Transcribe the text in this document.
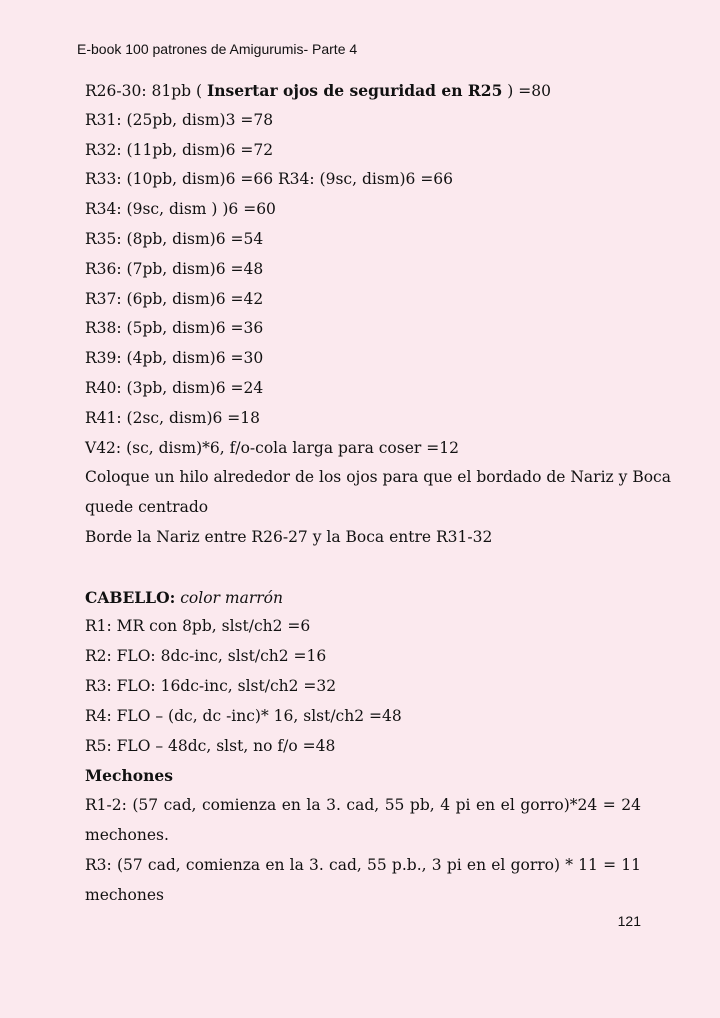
E-book 100 patrones de Amigurumis- Parte 4
R26-30: 81pb ( Insertar ojos de seguridad en R25 ) =80
R31: (25pb, dism)3 =78
R32: (11pb, dism)6 =72
R33: (10pb, dism)6 =66 R34: (9sc, dism)6 =66
R34: (9sc, dism ) )6 =60
R35: (8pb, dism)6 =54
R36: (7pb, dism)6 =48
R37: (6pb, dism)6 =42
R38: (5pb, dism)6 =36
R39: (4pb, dism)6 =30
R40: (3pb, dism)6 =24
R41: (2sc, dism)6 =18
V42: (sc, dism)*6, f/o-cola larga para coser =12
Coloque un hilo alrededor de los ojos para que el bordado de Nariz y Boca
quede centrado
Borde la Nariz entre R26-27 y la Boca entre R31-32
CABELLO: color marrón
R1: MR con 8pb, slst/ch2 =6
R2: FLO: 8dc-inc, slst/ch2 =16
R3: FLO: 16dc-inc, slst/ch2 =32
R4: FLO – (dc, dc -inc)* 16, slst/ch2 =48
R5: FLO – 48dc, slst, no f/o =48
Mechones
R1-2: (57 cad, comienza en la 3. cad, 55 pb, 4 pi en el gorro)*24 = 24
mechones.
R3: (57 cad, comienza en la 3. cad, 55 p.b., 3 pi en el gorro) * 11 = 11
mechones
121
